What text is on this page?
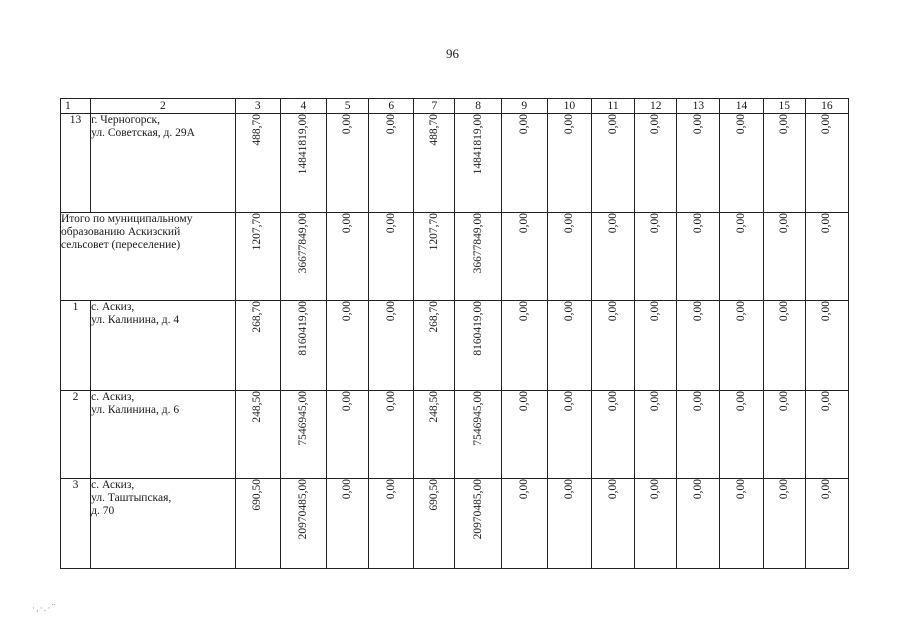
96
1	2	3	4	5	6	7	8	9	10	11	12	13	14	15	16
13	г. Черногорск,
ул. Советская, д. 29А	488,70	14841819,00	0,00	0,00	488,70	14841819,00	0,00	0,00	0,00	0,00	0,00	0,00	0,00	0,00

Итого по муниципальному
образованию Аскизский
сельсовет (переселение)		1207,70	36677849,00	0,00	0,00	1207,70	36677849,00	0,00	0,00	0,00	0,00	0,00	0,00	0,00	0,00
1	с. Аскиз,
ул. Калинина, д. 4	268,70	8160419,00	0,00	0,00	268,70	8160419,00	0,00	0,00	0,00	0,00	0,00	0,00	0,00	0,00
2	с. Аскиз,
ул. Калинина, д. 6	248,50	7546945,00	0,00	0,00	248,50	7546945,00	0,00	0,00	0,00	0,00	0,00	0,00	0,00	0,00
3	с. Аскиз,
ул. Таштыпская,
д. 70	690,50	20970485,00	0,00	0,00	690,50	20970485,00	0,00	0,00	0,00	0,00	0,00	0,00	0,00	0,00
·,·.·¨
